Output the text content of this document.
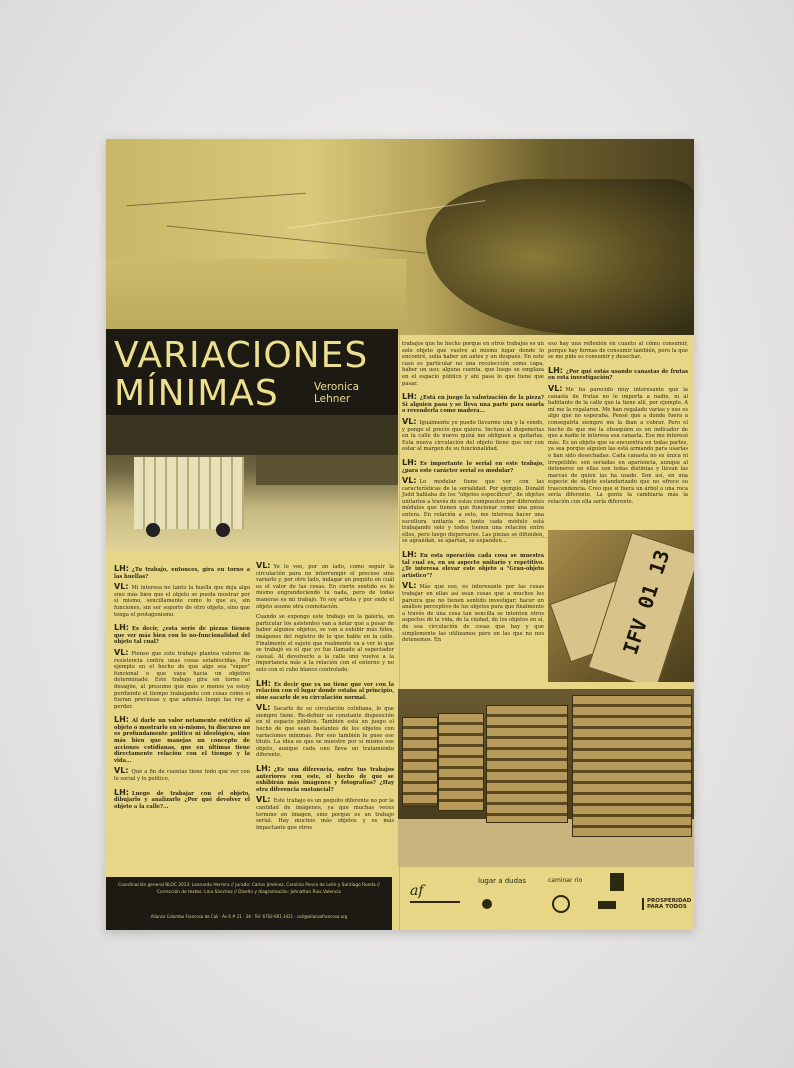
VARIACIONES
MÍNIMAS	Veronica Lehner
LH: ¿Tu trabajo, entonces, gira en torno a las huellas?
VL: Mi interesa no tanto la huella que deja algo sino más bien que el objeto se pueda mostrar por sí mismo, sencillamente como lo que es, sin funciones, sin ser soporte de otro objeto, sino que tenga el protagonismo.
LH: Es decir, ¿esta serie de piezas tienen que ver más bien con lo no-funcionalidad del objeto tal cual?
VL: Pienso que este trabajo plantea valores de resistencia contra unas cosas establecidas. Por ejemplo en el hecho de que algo sea "súper" funcional o que vaya hacia un objetivo determinado. Este trabajo gira en torno al desagüe, al presumo que más o menos ya estoy perdiendo el tiempo trabajando con cosas como si fueran preciosas y que además luego las voy a perder.
LH: Al darle un valor netamente estético al objeto o mostrarlo en sí-mismo, tu discurso no es profundamente político ni ideológico, sino más bien que manejas un concepto de acciones cotidianas, que en últimas tiene directamente relación con el tiempo y la vida...
VL: Que a fin de cuentas tiene todo que ver con lo social y lo político.
LH: Luego de trabajar con el objeto, dibujarlo y analizarlo ¿Por qué devolver el objeto a la calle?...
VL: Yo lo veo, por un lado, como seguir la circulación para no interrumpir el proceso sino variarlo y, por otro lado, indagar un poquito en cuál es el valor de las cosas. En cierto sentido es lo mismo engrandeciendo tu nada, pero de todas maneras es mi trabajo. Yo soy artista y por ende el objeto asume otra connotación.
Cuando se expongo este trabajo en la galería, en particular los asistentes van a notar que a pesar de haber algunos objetos, se van a exhibir más fotos, imágenes del registro de lo que hable en la calle. Finalmente el sujeto que realmente va a ver lo que se trabajó es el que yo fue llamado al espectador casual. Al devolverlo a la calle uno vuelve a la importancia más a la relación con el entorno y no solo con el cubo blanco controlado.
LH: Es decir que ya no tiene que ver con la relación con el lugar donde estaba al principio, sino sacarlo de su circulación normal.
VL: Sacarlo de su circulación cotidiana, lo que siempre tiene. Re-definir su constante disposición en el espacio público. También está en juego el hecho de que sean bastantes de los objetos con variaciones mínimas. Por eso también le puse ese título. La idea es que se muestre por sí mismo ese objeto, aunque cada uno lleva un tratamiento diferente.
LH: ¿Es una diferencia, entre tus trabajos anteriores con este, el hecho de que se exhibirán más imágenes y fotografías? ¿Hay otra diferencia sustancial?
VL: Este trabajo es un poquito diferente no por la cantidad de imágenes, ya que muchas veces termino en imagen, sino porque es un trabajo serial. Hay muchos más objetos y es más impactante que otros
trabajos que he hecho porque en otros trabajos es un solo objeto que vuelve al mismo lugar donde lo encontré, solía haber un antes y un después. En este caso es particular no una recolección como capa, haber un uso; alguna cuenta, que luego se emplaza en el espacio público y ahí pasa lo que tiene que pasar.
LH: ¿Está en juego la valorización de la pieza? Si alguien pasa y se lleva una parte para usarla o revenderla como madera...
VL: Igualmente yo puedo llevarme una y la vendo, y pongo el precio que quiera. Incluso al disponerlas en la calle de nuevo quizá me obliguen a quitarlas. Esta nueva circulación del objeto tiene que ver con estar al margen de su funcionalidad.
LH: Es importante lo serial en este trabajo, ¿para este carácter serial es modular?
VL: Lo modular tiene que ver con las características de la serialidad. Por ejemplo, Donald Judd hablaba de los "objetos específicos", de objetos unitarios a través de estas compuestos por diferentes módulos que tienen que funcionar como una pieza entera. En relación a esto, me interesa hacer una escultura unitaria en tanto cada módulo está trabajando solo y todos tienen una relación entre ellos, pero luego dispersarse. Las piezas se difunden, se agrandan, se apartan, se expanden...
LH: En esta operación cada cosa se muestra tal cual es, en su aspecto unitario y repetitivo. ¿Te interesa elevar este objeto a "Gran-objeto artístico"?
VL: Más que eso, es interesante por las cosas trabajar en ellas así sean cosas que a muchos les parezca que no tienen sentido investigar; hacer un análisis perceptivo de los objetos para que finalmente a través de una cosa tan sencilla se intenten otros aspectos de la vida, de la ciudad, de los objetos en sí, de esa circulación de cosas que hay y que simplemente las utilizamos pero en las que no nos detenemos. En
eso hay una reflexión en cuanto al cómo consumir, porque hay formas de consumir también, pero la que se me pide es consumir y desechar.
LH: ¿Por qué estás usando canastas de frutas en esta investigación?
VL: Me ha parecido muy interesante que la canasta de frutas no le importa a nadie, ni al habitante de la calle que la tiene allí, por ejemplo. A mí me la regalaron. Me han regalado varias y eso es algo que no esperaba. Pensé que a donde fuera a conseguirla siempre me la iban a cobrar. Pero el hecho de que me la obsequien es un indicador de que a nadie le interesa esa canasta. Ese me interesó más. Es un objeto que se encuentra en todas partes, ya sea porque alguien las está armando para usarlas o han sido desechadas. Cada canasta no es única ni irrepetible: son seriadas en apariencia, aunque al detenerse en ellas son todas distintas y llevan las marcas de quien las ha usado. Son así, en una especie de objeto estandarizado que no ofrece su trascendencia. Creo que si fuera un árbol o una roca sería diferente. La gente la cambiaría más la relación con ella sería diferente.
IFV 01 13
Coordinación general BLOC 2013: Leonardo Herrera // Jurado: Carlos Jiménez, Carolina Ponce de León y Santiago Rueda // Corrección de textos: Lina Sánchez // Diseño y diagramación: Johnattan Ríos Valencia
Alianza Colombo Francesa de Cali · Av 6 # 21 · 34 · Tel: 6702-661 3421 · cali@alianzafrancesa.org
af
lugar a dudas	caminar río
PROSPERIDAD PARA TODOS
